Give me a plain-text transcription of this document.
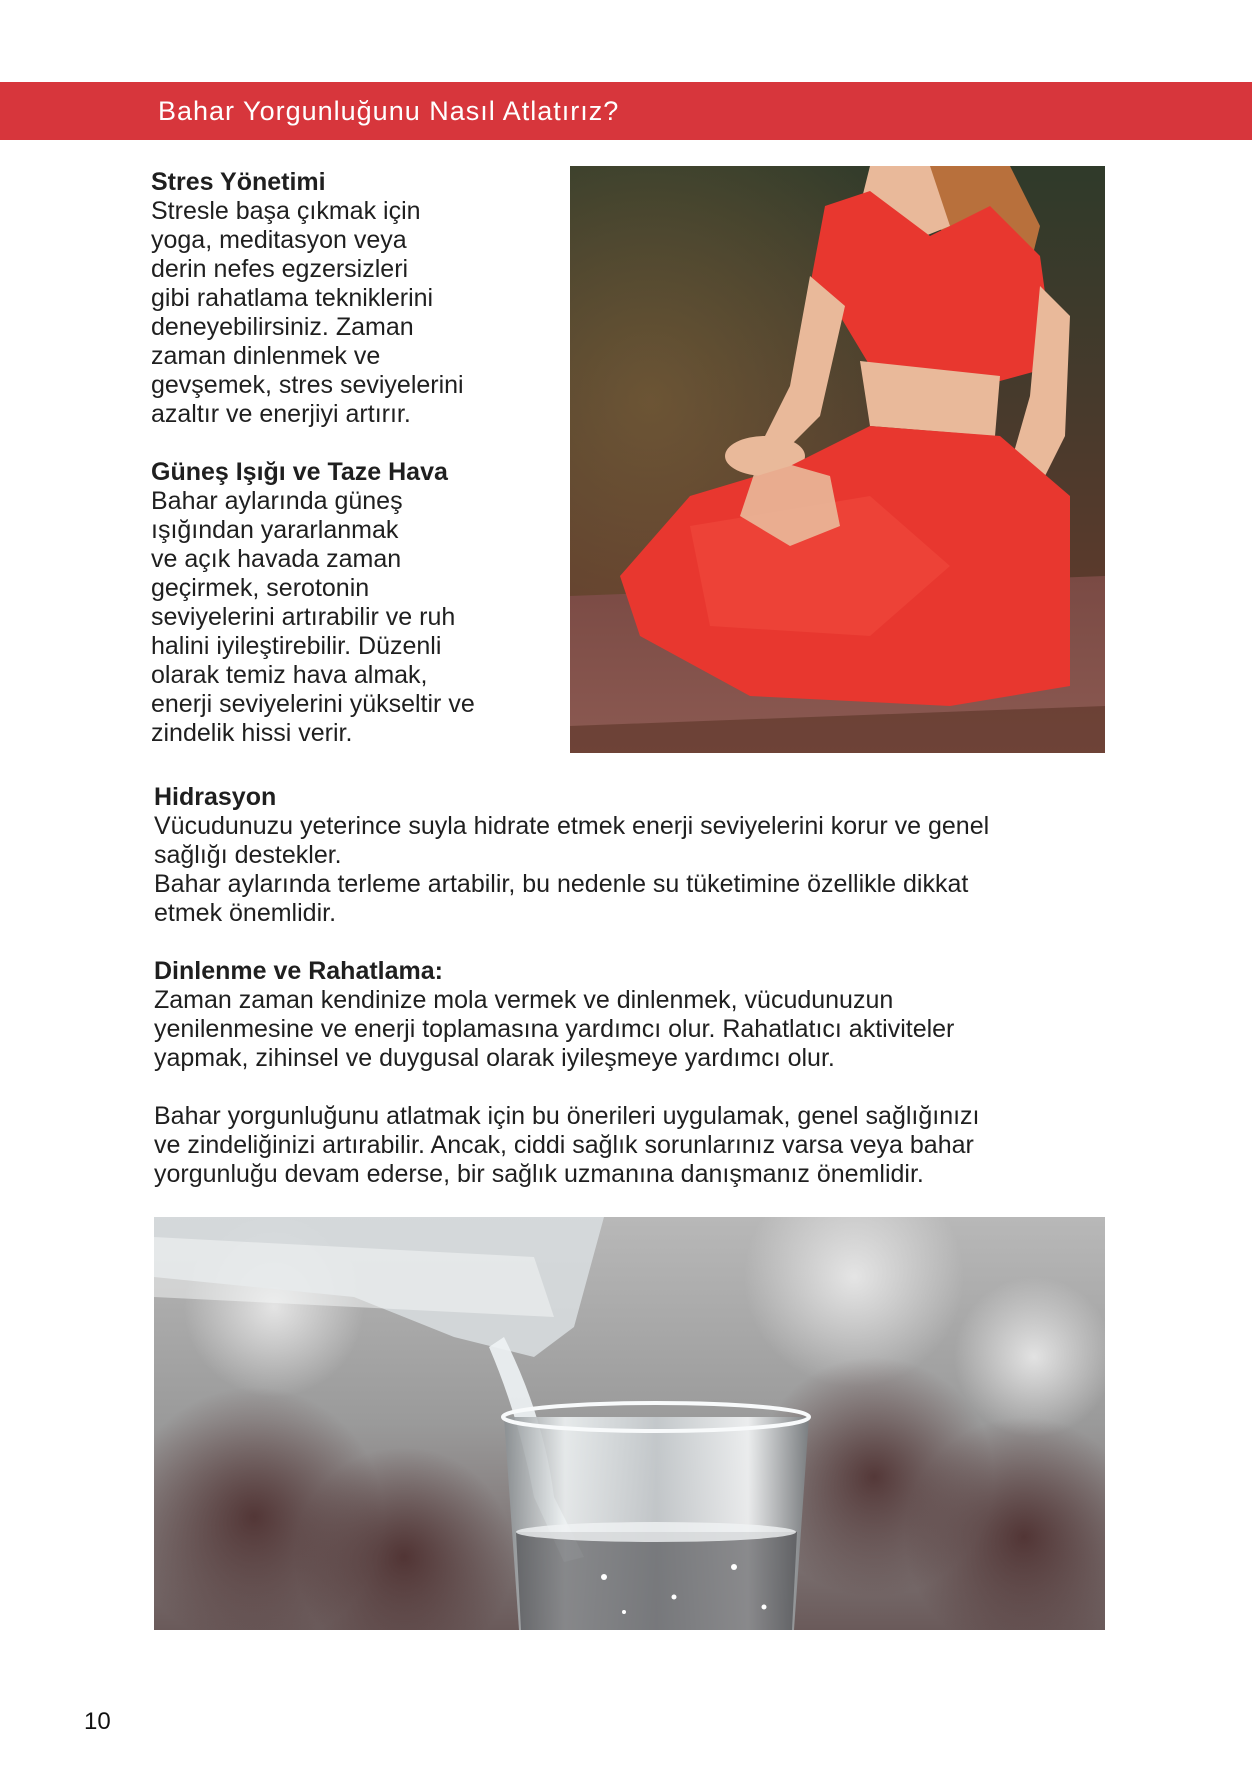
Bahar Yorgunluğunu Nasıl Atlatırız?
Stres Yönetimi

Stresle başa çıkmak için

yoga, meditasyon veya

derin nefes egzersizleri

gibi rahatlama tekniklerini

deneyebilirsiniz. Zaman

zaman dinlenmek ve

gevşemek, stres seviyelerini

azaltır ve enerjiyi artırır.

Güneş Işığı ve Taze Hava

Bahar aylarında güneş

ışığından yararlanmak

ve açık havada zaman

geçirmek, serotonin

seviyelerini artırabilir ve ruh

halini iyileştirebilir. Düzenli

olarak temiz hava almak,

enerji seviyelerini yükseltir ve

zindelik hissi verir.

Hidrasyon

Vücudunuzu yeterince suyla hidrate etmek enerji seviyelerini korur ve genel

sağlığı destekler.

Bahar aylarında terleme artabilir, bu nedenle su tüketimine özellikle dikkat

etmek önemlidir.

Dinlenme ve Rahatlama:

Zaman zaman kendinize mola vermek ve dinlenmek, vücudunuzun

yenilenmesine ve enerji toplamasına yardımcı olur. Rahatlatıcı aktiviteler

yapmak, zihinsel ve duygusal olarak iyileşmeye yardımcı olur.

Bahar yorgunluğunu atlatmak için bu önerileri uygulamak, genel sağlığınızı

ve zindeliğinizi artırabilir. Ancak, ciddi sağlık sorunlarınız varsa veya bahar

yorgunluğu devam ederse, bir sağlık uzmanına danışmanız önemlidir.

10
